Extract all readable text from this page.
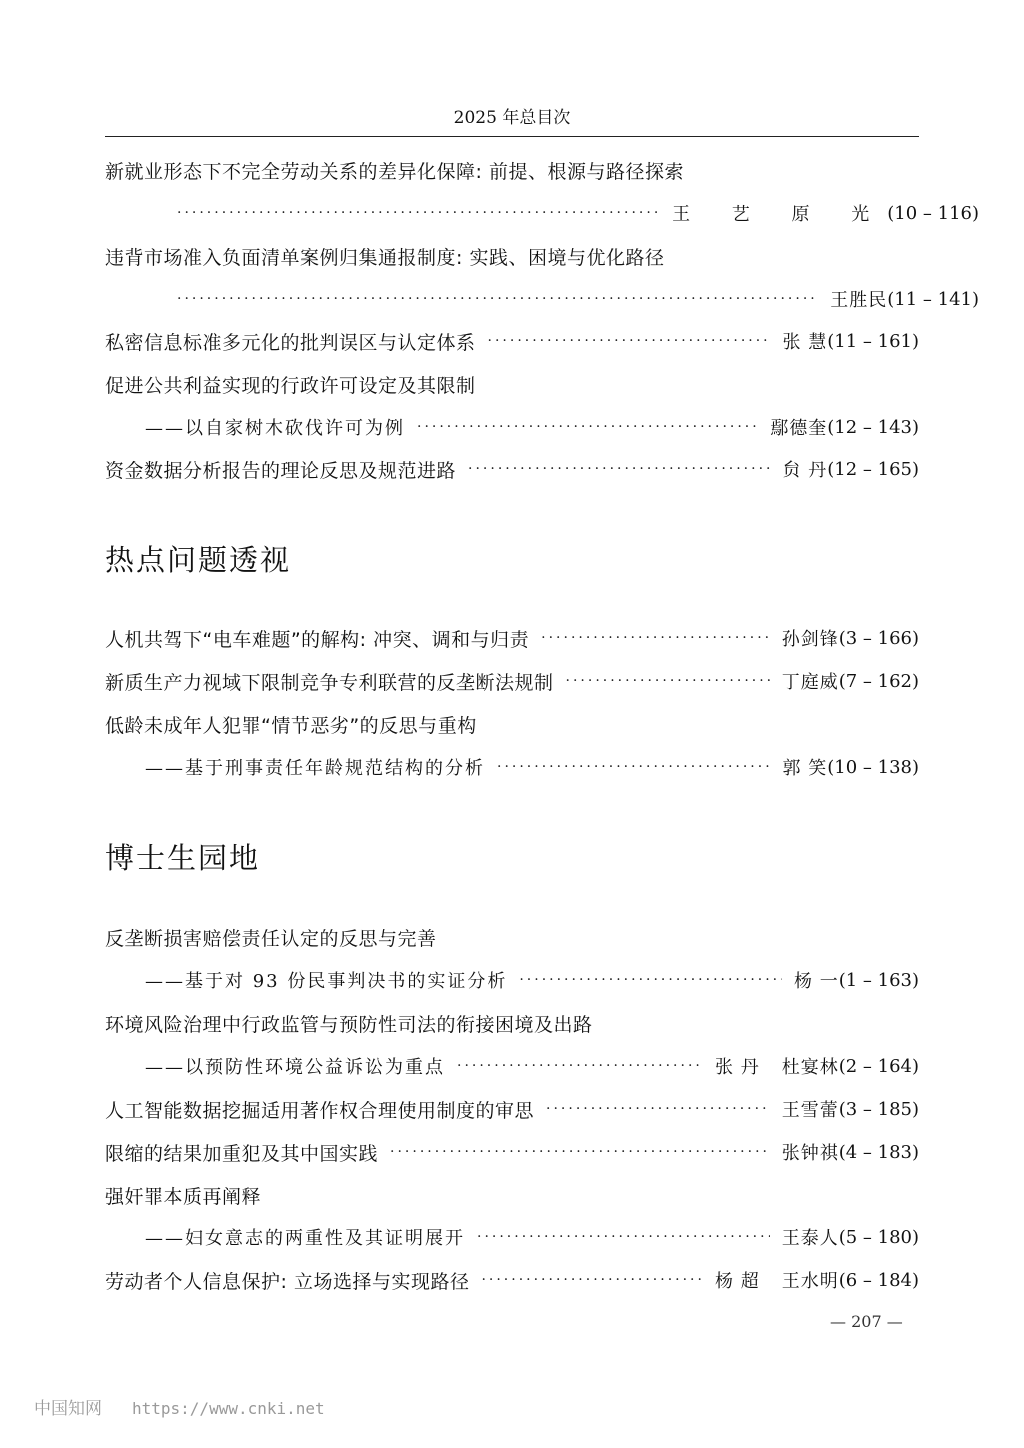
2025 年总目次
新就业形态下不完全劳动关系的差异化保障: 前提、根源与路径探索
·····
王 艺 原 光 (10 – 116)
违背市场准入负面清单案例归集通报制度: 实践、困境与优化路径
·····
王胜民 (11 – 141)
私密信息标准多元化的批判误区与认定体系 ·····	张 慧 (11 – 161)
促进公共利益实现的行政许可设定及其限制
——以自家树木砍伐许可为例 ·····	鄢德奎 (12 – 143)
资金数据分析报告的理论反思及规范进路 ·····	贠 丹 (12 – 165)
热点问题透视
人机共驾下“电车难题”的解构: 冲突、调和与归责 ·····	孙剑锋 (3 – 166)
新质生产力视域下限制竞争专利联营的反垄断法规制 ·····	丁庭威 (7 – 162)
低龄未成年人犯罪“情节恶劣”的反思与重构
——基于刑事责任年龄规范结构的分析 ·····	郭 笑 (10 – 138)
博士生园地
反垄断损害赔偿责任认定的反思与完善
——基于对 93 份民事判决书的实证分析 ·····	杨 一 (1 – 163)
环境风险治理中行政监管与预防性司法的衔接困境及出路
——以预防性环境公益诉讼为重点 ·····	张 丹 杜宴林 (2 – 164)
人工智能数据挖掘适用著作权合理使用制度的审思 ·····	王雪蕾 (3 – 185)
限缩的结果加重犯及其中国实践 ·····	张钟祺 (4 – 183)
强奸罪本质再阐释
——妇女意志的两重性及其证明展开 ·····	王泰人 (5 – 180)
劳动者个人信息保护: 立场选择与实现路径 ·····	杨 超 王水明 (6 – 184)
— 207 —
中国知网 https://www.cnki.net
